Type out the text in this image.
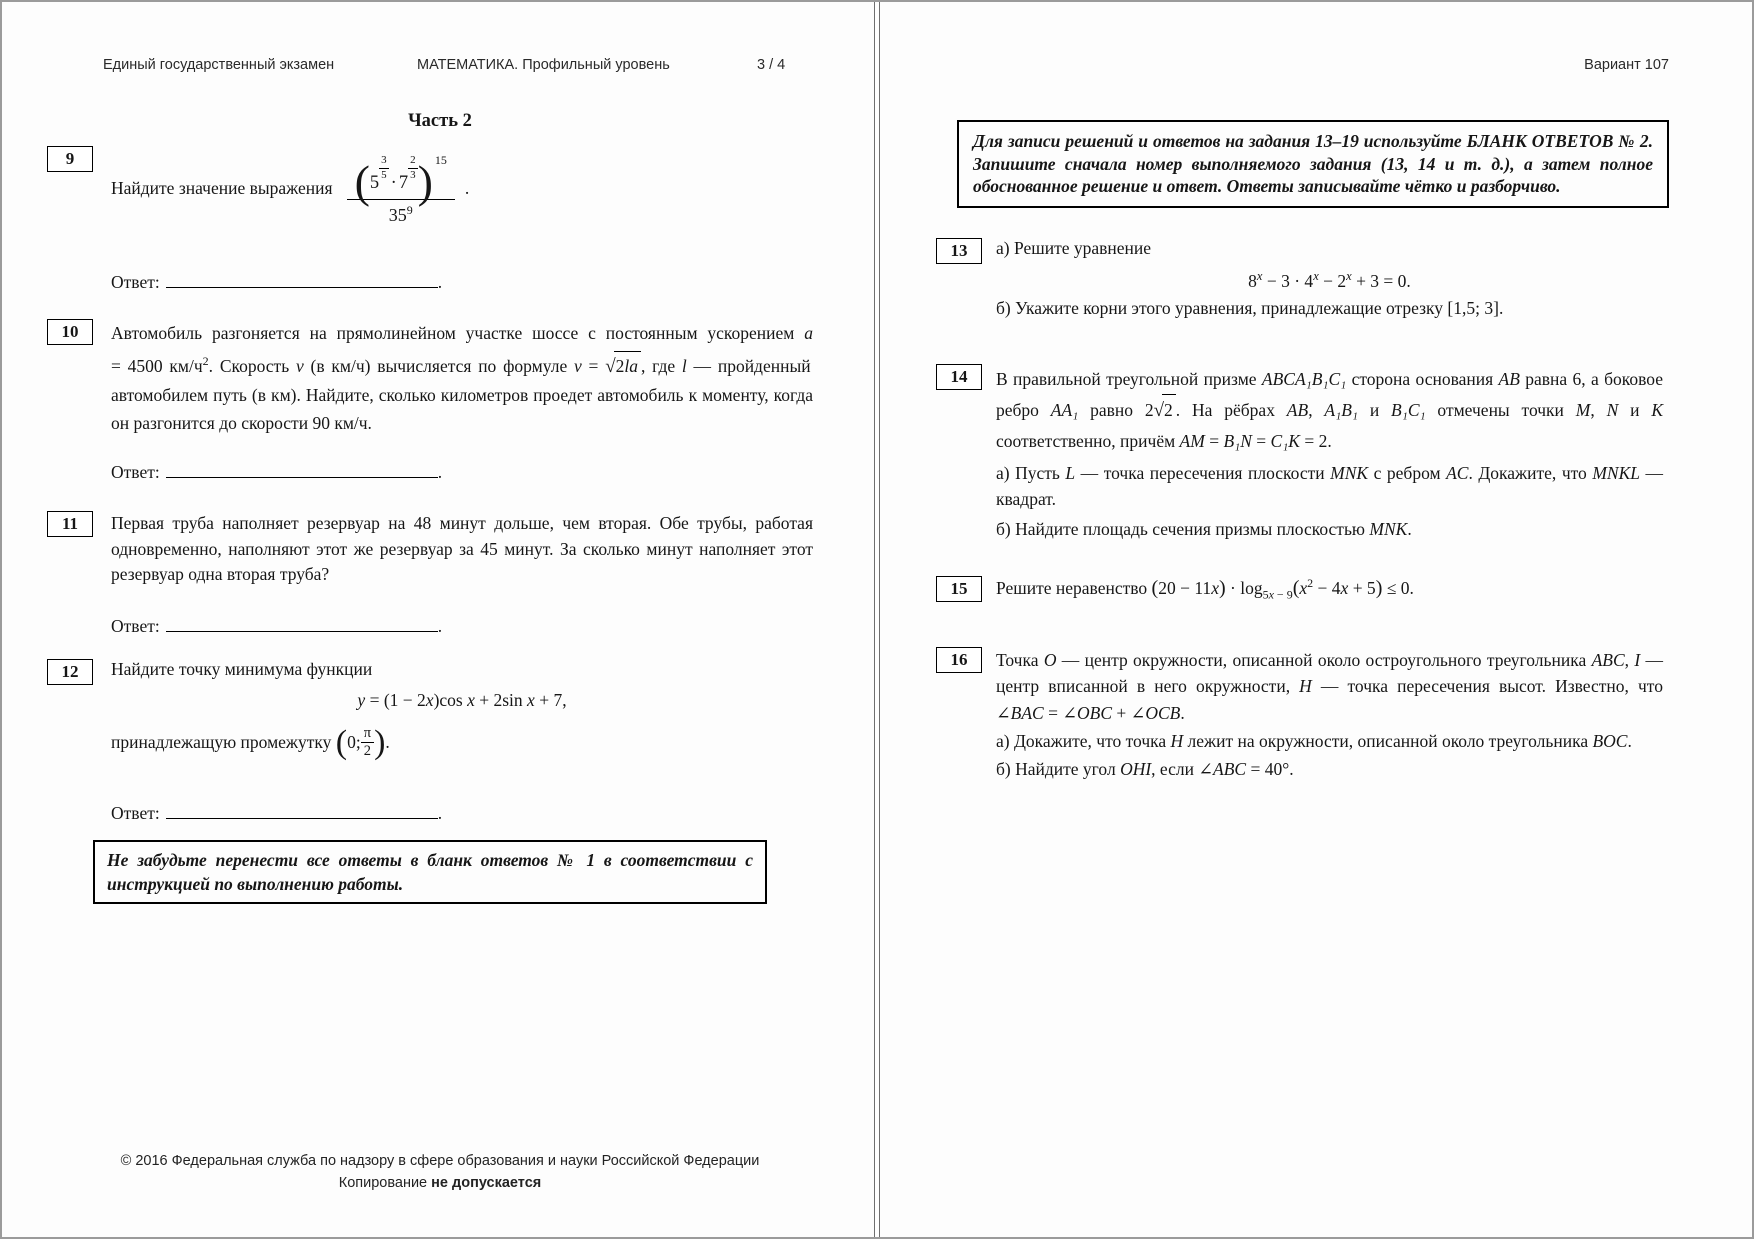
Единый государственный экзамен	МАТЕМАТИКА. Профильный уровень	3 / 4
Часть 2
9
Найдите значение выражения (5
$\frac{3}{5}$
· 7
$\frac{2}{3}$ ) $^{15}$
$35^9$ .
Ответ:	.
10	Автомобиль разгоняется на прямолинейном участке шоссе с постоянным ускорением a = 4500 $км/ч^2$. Скорость v (в км/ч) вычисляется по формуле v = √2la , где l — пройденный автомобилем путь (в км). Найдите, сколько километров проедет автомобиль к моменту, когда он разгонится до скорости 90 км/ч.
Ответ:	.
11	Первая труба наполняет резервуар на 48 минут дольше, чем вторая. Обе трубы, работая одновременно, наполняют этот же резервуар за 45 минут. За сколько минут наполняет этот резервуар одна вторая труба?
Ответ:	.
12	Найдите точку минимума функции
y = (1 − 2x)cos x + 2sin x + 7,
принадлежащую промежутку
( 0; π
2 ) .
Ответ:	.
Не забудьте перенести все ответы в бланк ответов № 1 в соответствии с инструкцией по выполнению работы.
© 2016 Федеральная служба по надзору в сфере образования и науки Российской Федерации
Копирование не допускается
Вариант 107
Для записи решений и ответов на задания 13–19 используйте БЛАНК ОТВЕТОВ № 2. Запишите сначала номер выполняемого задания (13, 14 и т. д.), а затем полное обоснованное решение и ответ. Ответы записывайте чётко и разборчиво.
13	а) Решите уравнение
$8^x - 3 \cdot 4^x - 2^x + 3 = 0$.
б) Укажите корни этого уравнения, принадлежащие отрезку [1,5; 3].
14	В правильной треугольной призме ABCA₁B₁C₁ сторона основания AB равна 6, а боковое ребро AA₁ равно 2√2 . На рёбрах AB, A₁B₁ и B₁C₁ отмечены точки M, N и K соответственно, причём AM = B₁N = C₁K = 2.
а) Пусть L — точка пересечения плоскости MNK с ребром AC. Докажите, что MNKL — квадрат.
б) Найдите площадь сечения призмы плоскостью MNK.
15	Решите неравенство $(20 - 11x) \cdot \log_{5x - 9}(x^2 - 4x + 5) \le 0$.
16	Точка O — центр окружности, описанной около остроугольного треугольника ABC, I — центр вписанной в него окружности, H — точка пересечения высот. Известно, что ∠BAC = ∠OBC + ∠OCB.
а) Докажите, что точка H лежит на окружности, описанной около треугольника BOC.
б) Найдите угол OHI, если ∠ABC = 40°.
